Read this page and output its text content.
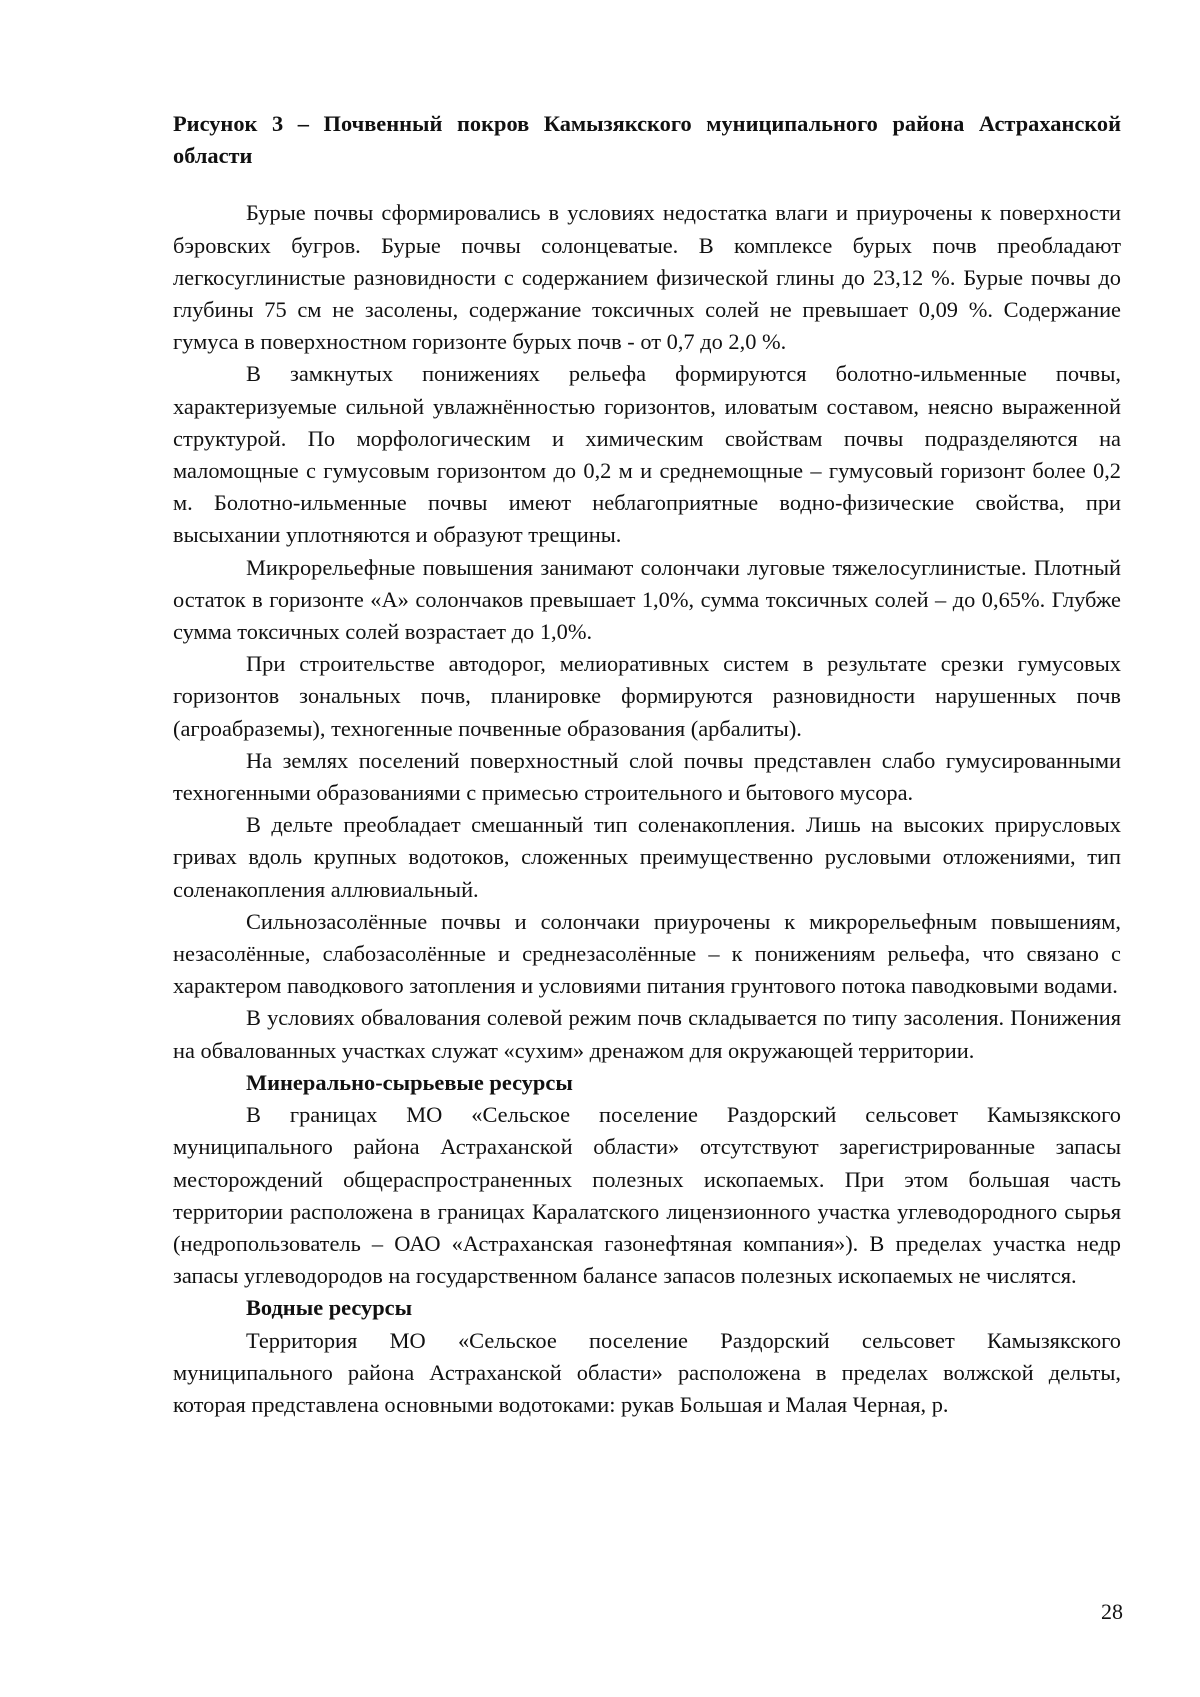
Рисунок 3 – Почвенный покров Камызякского муниципального района Астраханской области

Бурые почвы сформировались в условиях недостатка влаги и приурочены к поверхности бэровских бугров. Бурые почвы солонцеватые. В комплексе бурых почв преобладают легкосуглинистые разновидности с содержанием физической глины до 23,12 %. Бурые почвы до глубины 75 см не засолены, содержание токсичных солей не превышает 0,09 %. Содержание гумуса в поверхностном горизонте бурых почв - от 0,7 до 2,0 %.

В замкнутых понижениях рельефа формируются болотно-ильменные почвы, характеризуемые сильной увлажнённостью горизонтов, иловатым составом, неясно выраженной структурой. По морфологическим и химическим свойствам почвы подразделяются на маломощные с гумусовым горизонтом до 0,2 м и среднемощные – гумусовый горизонт более 0,2 м. Болотно-ильменные почвы имеют неблагоприятные водно-физические свойства, при высыхании уплотняются и образуют трещины.

Микрорельефные повышения занимают солончаки луговые тяжелосуглинистые. Плотный остаток в горизонте «А» солончаков превышает 1,0%, сумма токсичных солей – до 0,65%. Глубже сумма токсичных солей возрастает до 1,0%.

При строительстве автодорог, мелиоративных систем в результате срезки гумусовых горизонтов зональных почв, планировке формируются разновидности нарушенных почв (агроабраземы), техногенные почвенные образования (арбалиты).

На землях поселений поверхностный слой почвы представлен слабо гумусированными техногенными образованиями с примесью строительного и бытового мусора.

В дельте преобладает смешанный тип соленакопления. Лишь на высоких прирусловых гривах вдоль крупных водотоков, сложенных преимущественно русловыми отложениями, тип соленакопления аллювиальный.

Сильнозасолённые почвы и солончаки приурочены к микрорельефным повышениям, незасолённые, слабозасолённые и среднезасолённые – к понижениям рельефа, что связано с характером паводкового затопления и условиями питания грунтового потока паводковыми водами.

В условиях обвалования солевой режим почв складывается по типу засоления. Понижения на обвалованных участках служат «сухим» дренажом для окружающей территории.

Минерально-сырьевые ресурсы

В границах МО «Сельское поселение Раздорский сельсовет Камызякского муниципального района Астраханской области» отсутствуют зарегистрированные запасы месторождений общераспространенных полезных ископаемых. При этом большая часть территории расположена в границах Каралатского лицензионного участка углеводородного сырья (недропользователь – ОАО «Астраханская газонефтяная компания»). В пределах участка недр запасы углеводородов на государственном балансе запасов полезных ископаемых не числятся.

Водные ресурсы

Территория МО «Сельское поселение Раздорский сельсовет Камызякского муниципального района Астраханской области» расположена в пределах волжской дельты, которая представлена основными водотоками: рукав Большая и Малая Черная, р.

28
